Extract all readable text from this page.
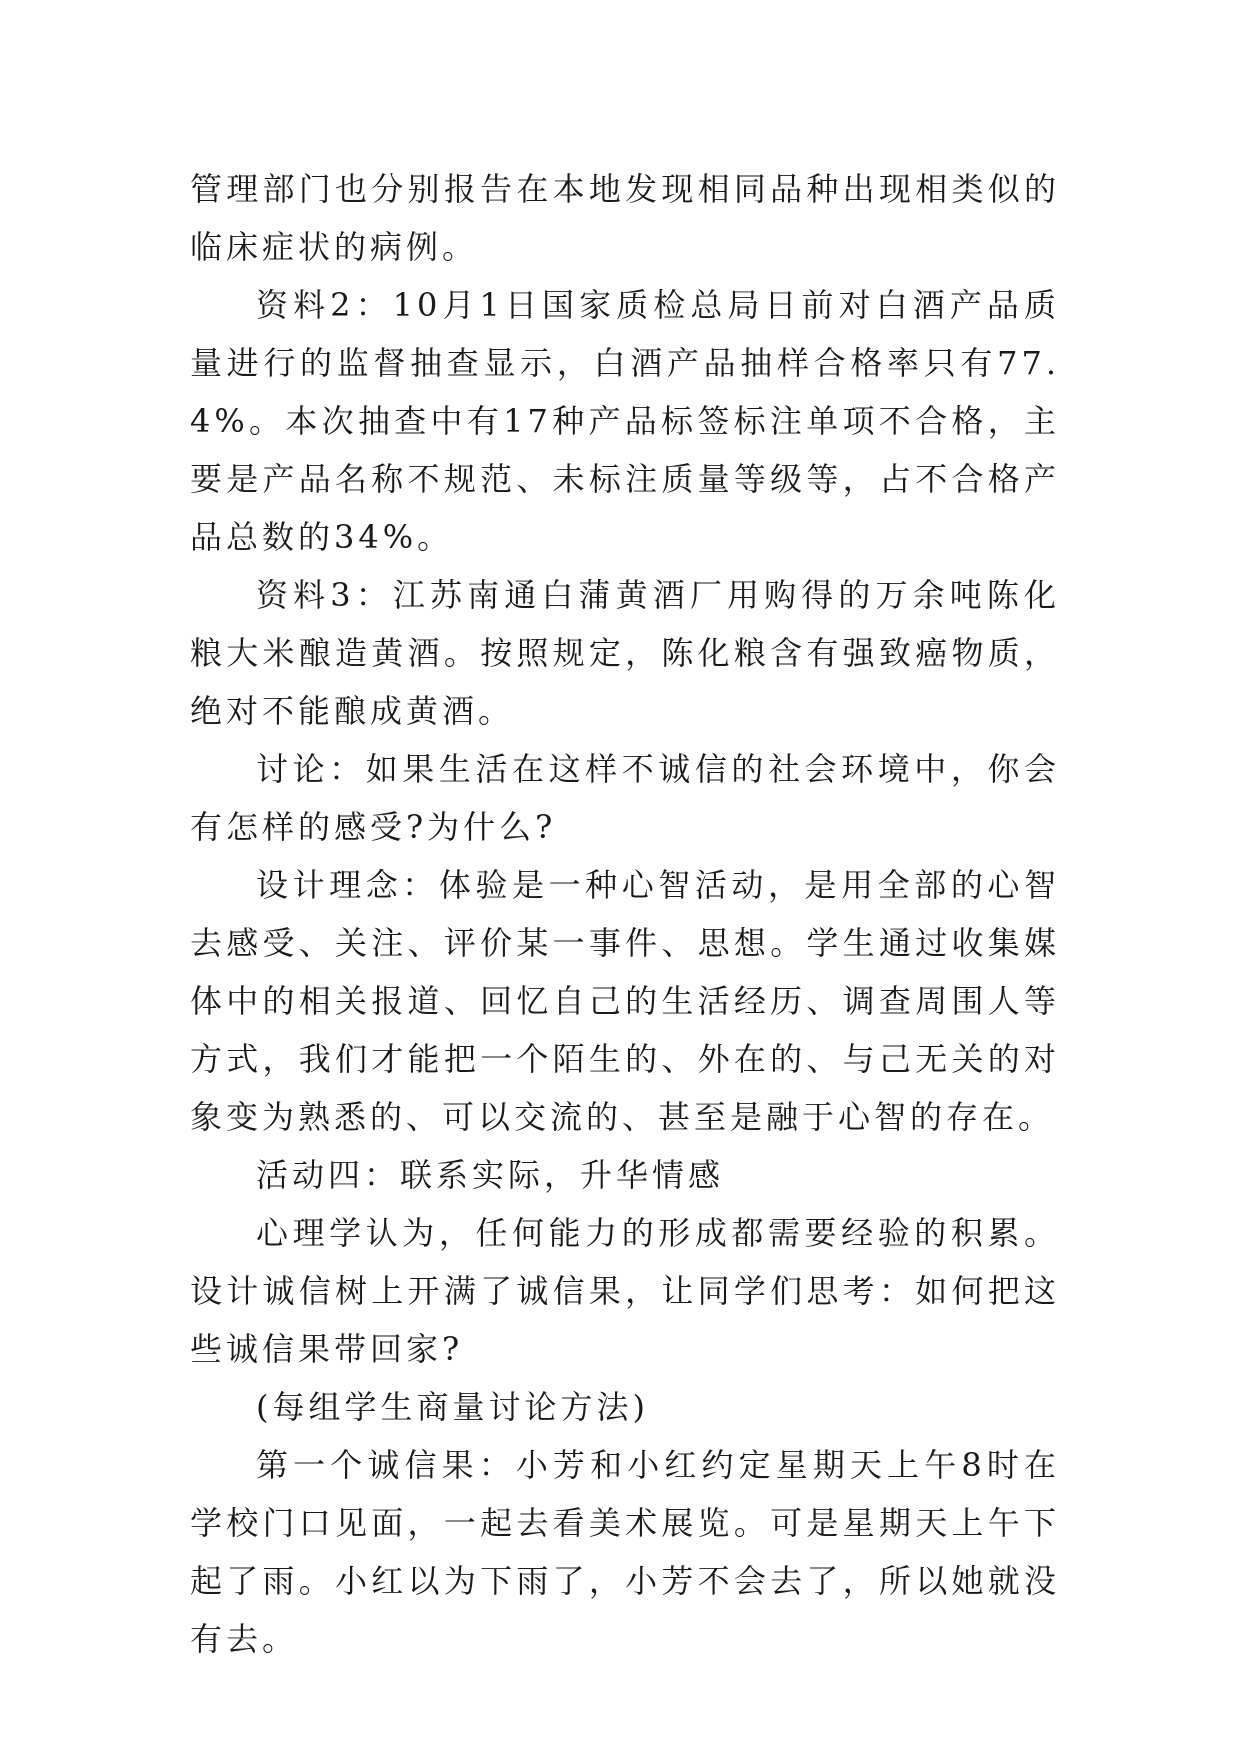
管理部门也分别报告在本地发现相同品种出现相类似的临床症状的病例。

资料2：10月1日国家质检总局日前对白酒产品质量进行的监督抽查显示，白酒产品抽样合格率只有77.4%。本次抽查中有17种产品标签标注单项不合格，主要是产品名称不规范、未标注质量等级等，占不合格产品总数的34%。

资料3：江苏南通白蒲黄酒厂用购得的万余吨陈化粮大米酿造黄酒。按照规定，陈化粮含有强致癌物质，绝对不能酿成黄酒。

讨论：如果生活在这样不诚信的社会环境中，你会有怎样的感受?为什么?

设计理念：体验是一种心智活动，是用全部的心智去感受、关注、评价某一事件、思想。学生通过收集媒体中的相关报道、回忆自己的生活经历、调查周围人等方式，我们才能把一个陌生的、外在的、与己无关的对象变为熟悉的、可以交流的、甚至是融于心智的存在。

活动四：联系实际，升华情感

心理学认为，任何能力的形成都需要经验的积累。设计诚信树上开满了诚信果，让同学们思考：如何把这些诚信果带回家?

(每组学生商量讨论方法)

第一个诚信果：小芳和小红约定星期天上午8时在学校门口见面，一起去看美术展览。可是星期天上午下起了雨。小红以为下雨了，小芳不会去了，所以她就没有去。
